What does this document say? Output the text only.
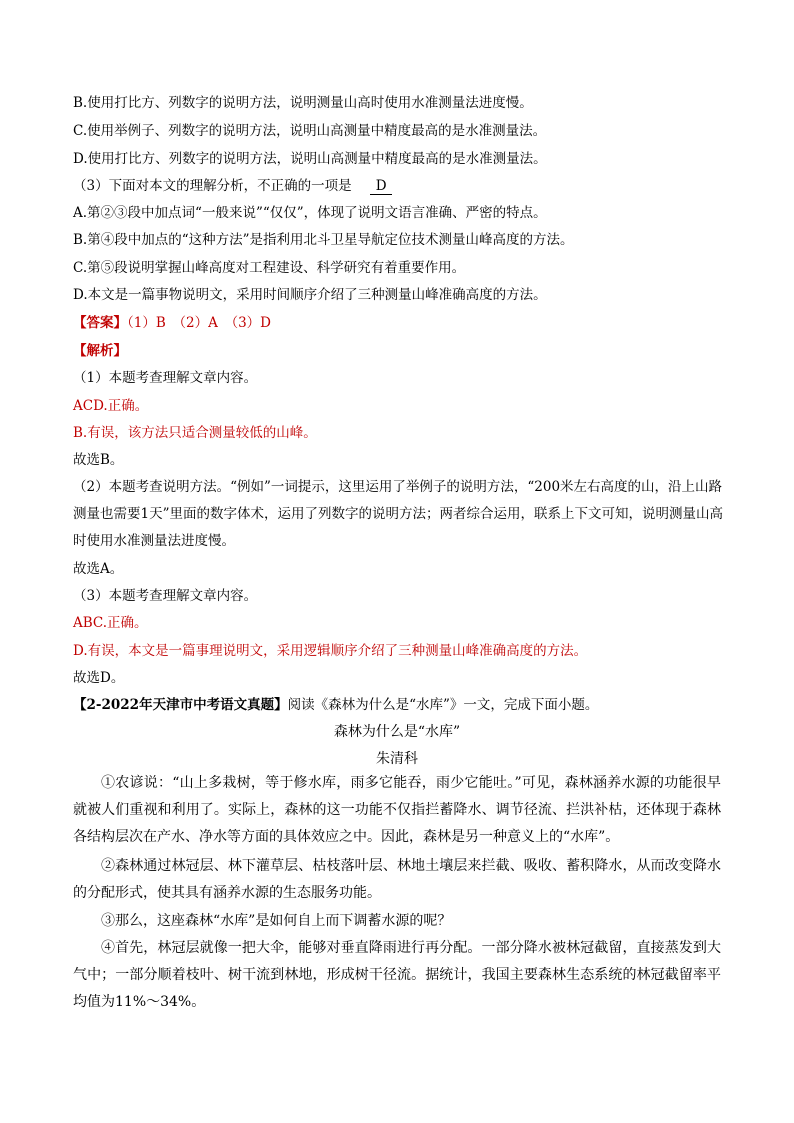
B.使用打比方、列数字的说明方法，说明测量山高时使用水准测量法进度慢。
C.使用举例子、列数字的说明方法，说明山高测量中精度最高的是水准测量法。
D.使用打比方、列数字的说明方法，说明山高测量中精度最高的是水准测量法。
（3）下面对本文的理解分析，不正确的一项是 D
A.第②③段中加点词“一般来说”“仅仅”，体现了说明文语言准确、严密的特点。
B.第④段中加点的“这种方法”是指利用北斗卫星导航定位技术测量山峰高度的方法。
C.第⑤段说明掌握山峰高度对工程建设、科学研究有着重要作用。
D.本文是一篇事物说明文，采用时间顺序介绍了三种测量山峰准确高度的方法。
【答案】（1）B　（2）A　（3）D
【解析】
（1）本题考查理解文章内容。
ACD.正确。
B.有误，该方法只适合测量较低的山峰。
故选B。
（2）本题考查说明方法。“例如”一词提示，这里运用了举例子的说明方法，“200米左右高度的山，沿上山路测量也需要1天”里面的数字体术，运用了列数字的说明方法；两者综合运用，联系上下文可知，说明测量山高时使用水准测量法进度慢。
故选A。
（3）本题考查理解文章内容。
ABC.正确。
D.有误，本文是一篇事理说明文，采用逻辑顺序介绍了三种测量山峰准确高度的方法。
故选D。
【2-2022年天津市中考语文真题】阅读《森林为什么是“水库”》一文，完成下面小题。
森林为什么是“水库”
朱清科
①农谚说：“山上多栽树，等于修水库，雨多它能吞，雨少它能吐。”可见，森林涵养水源的功能很早就被人们重视和利用了。实际上，森林的这一功能不仅指拦蓄降水、调节径流、拦洪补枯，还体现于森林各结构层次在产水、净水等方面的具体效应之中。因此，森林是另一种意义上的“水库”。
②森林通过林冠层、林下灌草层、枯枝落叶层、林地土壤层来拦截、吸收、蓄积降水，从而改变降水的分配形式，使其具有涵养水源的生态服务功能。
③那么，这座森林“水库”是如何自上而下调蓄水源的呢？
④首先，林冠层就像一把大伞，能够对垂直降雨进行再分配。一部分降水被林冠截留，直接蒸发到大气中；一部分顺着枝叶、树干流到林地，形成树干径流。据统计，我国主要森林生态系统的林冠截留率平均值为11%～34%。
